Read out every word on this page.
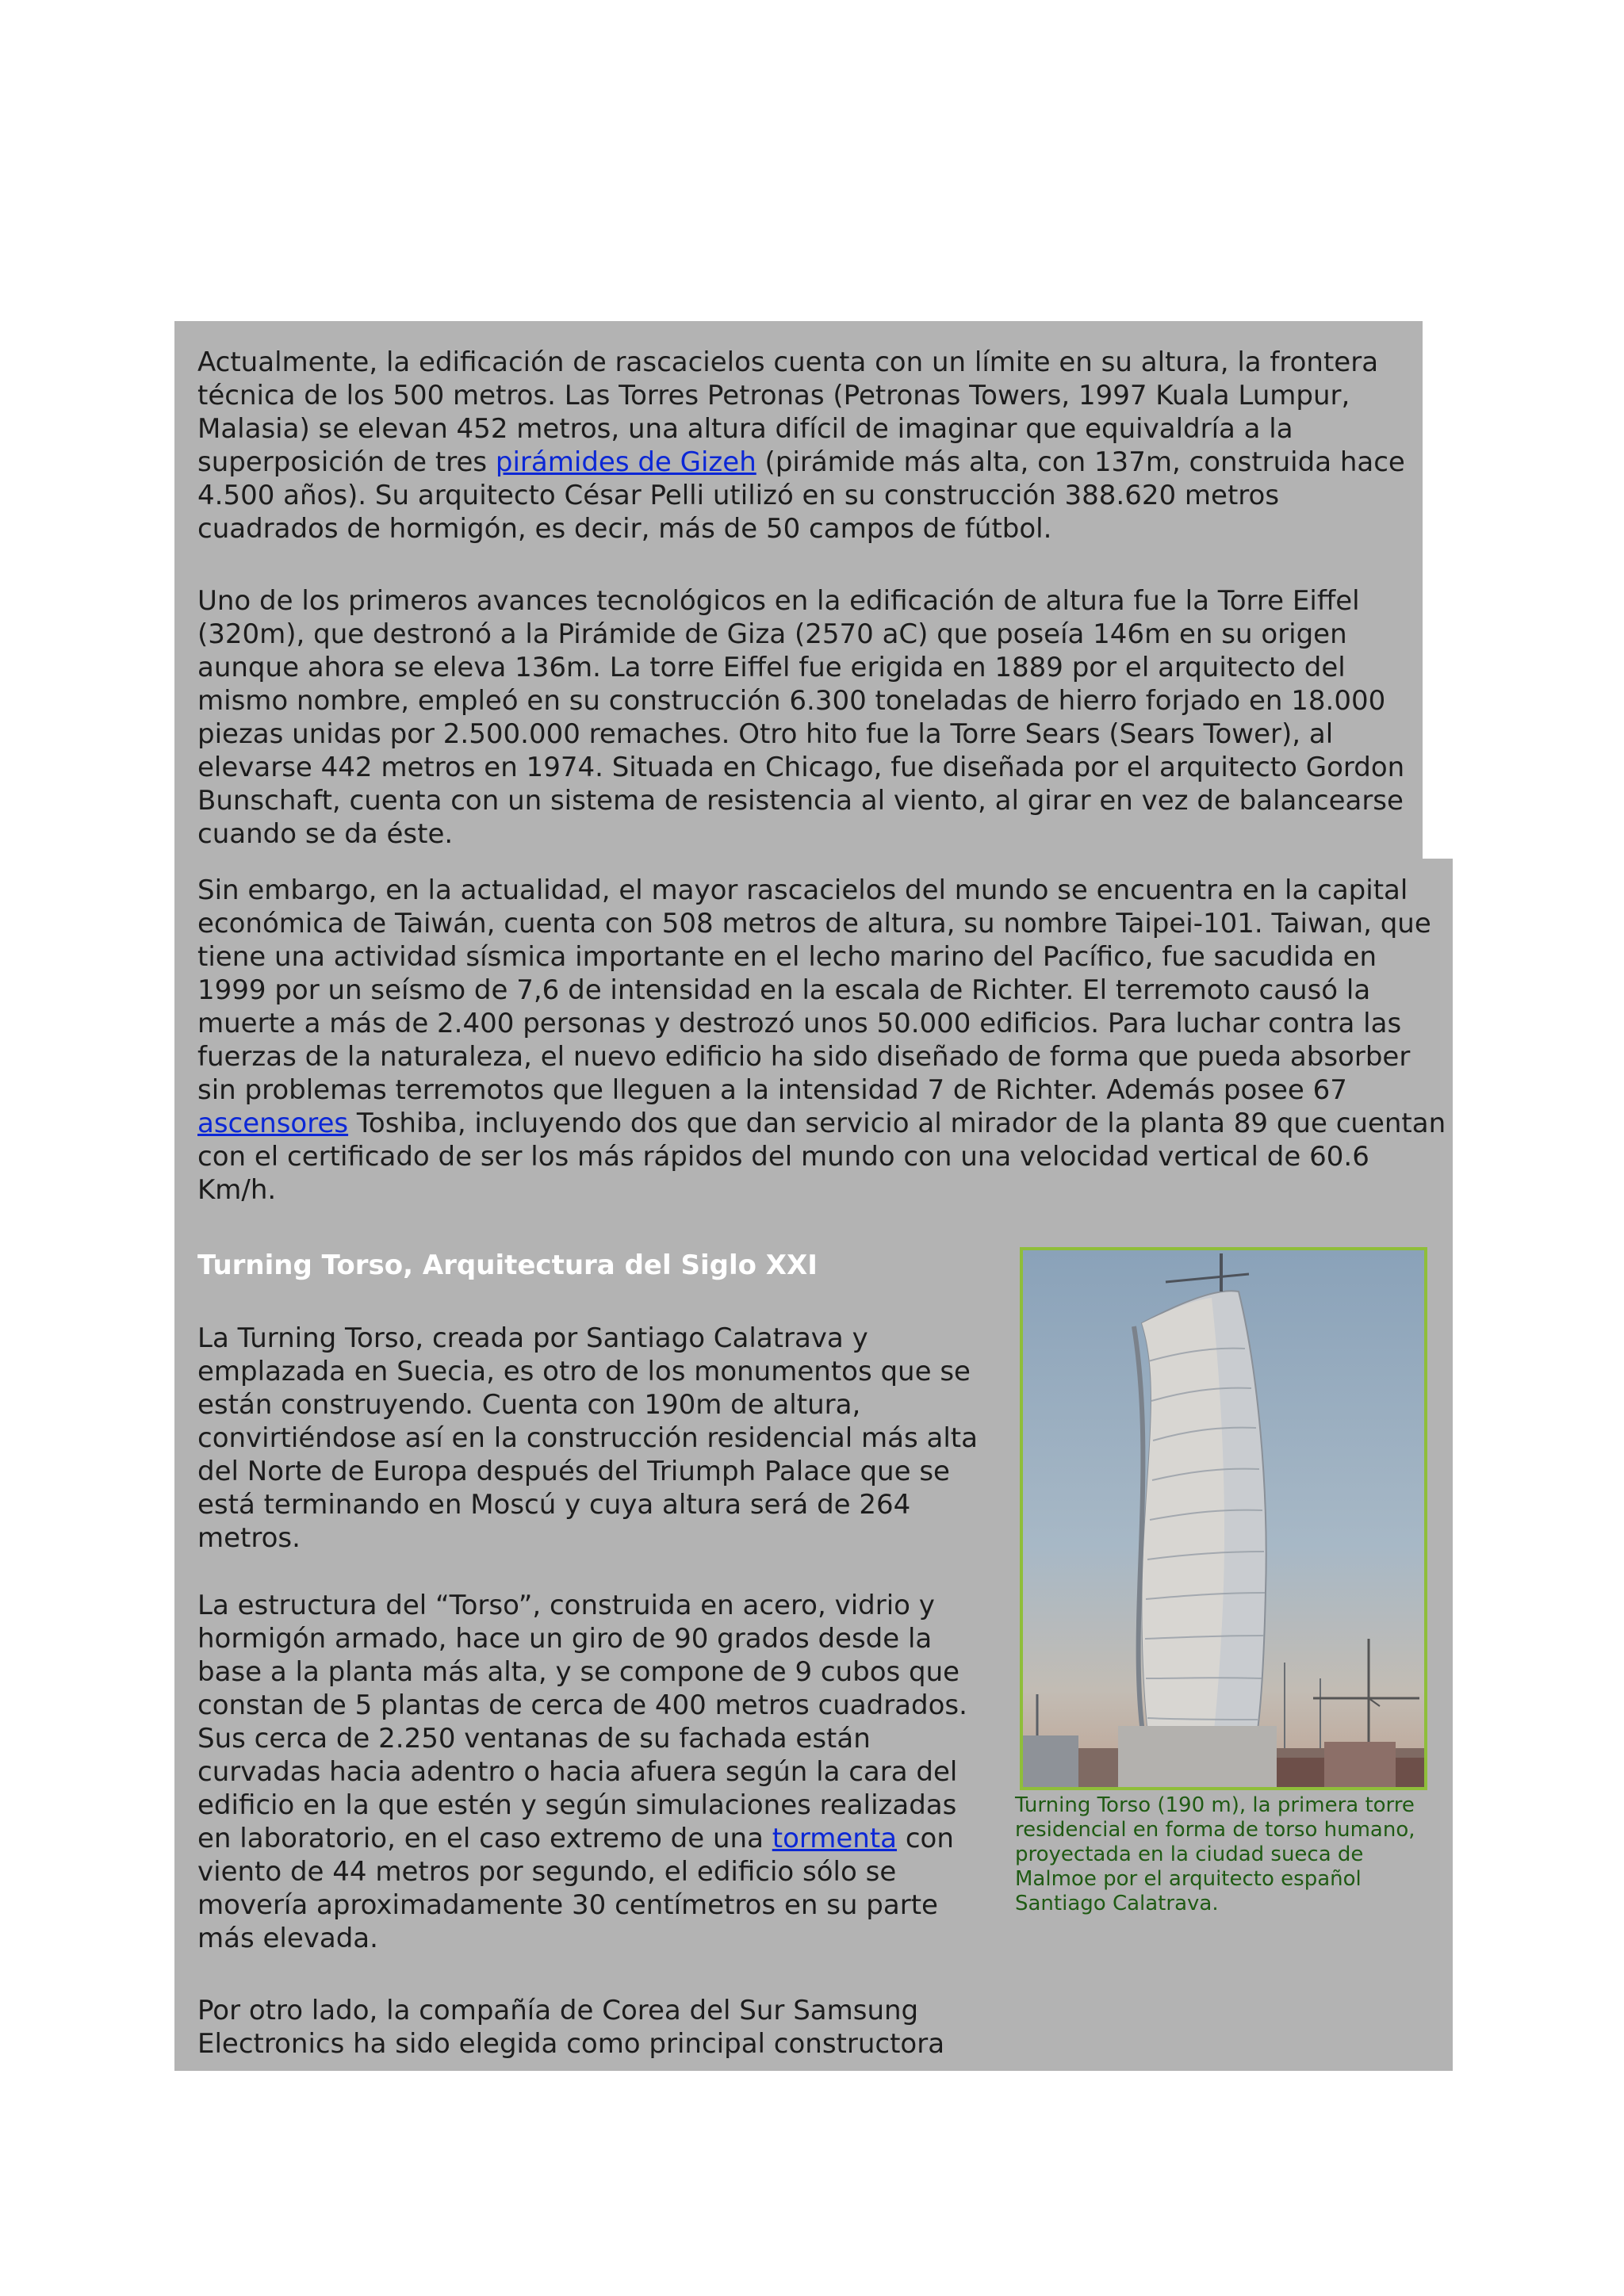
Actualmente, la edificación de rascacielos cuenta con un límite en su altura, la frontera técnica de los 500 metros. Las Torres Petronas (Petronas Towers, 1997 Kuala Lumpur, Malasia) se elevan 452 metros, una altura difícil de imaginar que equivaldría a la superposición de tres pirámides de Gizeh (pirámide más alta, con 137m, construida hace 4.500 años). Su arquitecto César Pelli utilizó en su construcción 388.620 metros cuadrados de hormigón, es decir, más de 50 campos de fútbol.

Uno de los primeros avances tecnológicos en la edificación de altura fue la Torre Eiffel (320m), que destronó a la Pirámide de Giza (2570 aC) que poseía 146m en su origen aunque ahora se eleva 136m. La torre Eiffel fue erigida en 1889 por el arquitecto del mismo nombre, empleó en su construcción 6.300 toneladas de hierro forjado en 18.000 piezas unidas por 2.500.000 remaches. Otro hito fue la Torre Sears (Sears Tower), al elevarse 442 metros en 1974. Situada en Chicago, fue diseñada por el arquitecto Gordon Bunschaft, cuenta con un sistema de resistencia al viento, al girar en vez de balancearse cuando se da éste.

Sin embargo, en la actualidad, el mayor rascacielos del mundo se encuentra en la capital económica de Taiwán, cuenta con 508 metros de altura, su nombre Taipei-101. Taiwan, que tiene una actividad sísmica importante en el lecho marino del Pacífico, fue sacudida en 1999 por un seísmo de 7,6 de intensidad en la escala de Richter. El terremoto causó la muerte a más de 2.400 personas y destrozó unos 50.000 edificios. Para luchar contra las fuerzas de la naturaleza, el nuevo edificio ha sido diseñado de forma que pueda absorber sin problemas terremotos que lleguen a la intensidad 7 de Richter. Además posee 67 ascensores Toshiba, incluyendo dos que dan servicio al mirador de la planta 89 que cuentan con el certificado de ser los más rápidos del mundo con una velocidad vertical de 60.6 Km/h.

Turning Torso, Arquitectura del Siglo XXI

La Turning Torso, creada por Santiago Calatrava y emplazada en Suecia, es otro de los monumentos que se están construyendo. Cuenta con 190m de altura, convirtiéndose así en la construcción residencial más alta del Norte de Europa después del Triumph Palace que se está terminando en Moscú y cuya altura será de 264 metros.

La estructura del “Torso”, construida en acero, vidrio y hormigón armado, hace un giro de 90 grados desde la base a la planta más alta, y se compone de 9 cubos que constan de 5 plantas de cerca de 400 metros cuadrados. Sus cerca de 2.250 ventanas de su fachada están curvadas hacia adentro o hacia afuera según la cara del edificio en la que estén y según simulaciones realizadas en laboratorio, en el caso extremo de una tormenta con viento de 44 metros por segundo, el edificio sólo se movería aproximadamente 30 centímetros en su parte más elevada.

Por otro lado, la compañía de Corea del Sur Samsung Electronics ha sido elegida como principal constructora

Turning Torso (190 m), la primera torre residencial en forma de torso humano, proyectada en la ciudad sueca de Malmoe por el arquitecto español Santiago Calatrava.
